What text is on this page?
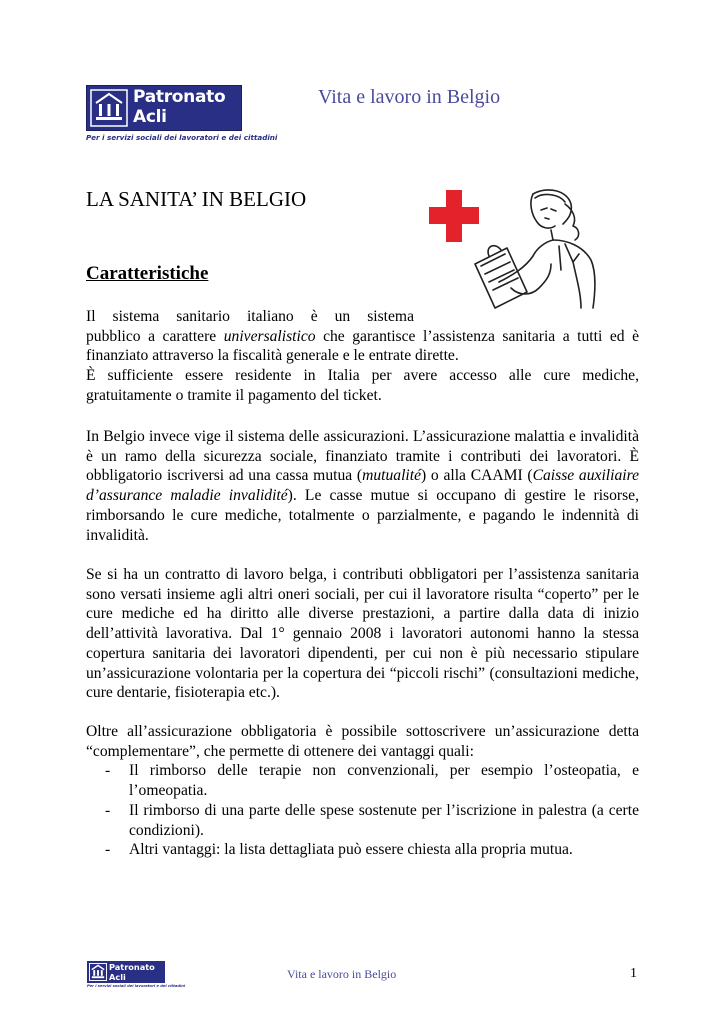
Patronato
Acli
Per i servizi sociali dei lavoratori e dei cittadini
Vita e lavoro in Belgio
LA SANITA’ IN BELGIO
Caratteristiche

Il sistema sanitario italiano è un sistema

pubblico a carattere universalistico che garantisce l’assistenza sanitaria a tutti ed è finanziato attraverso la fiscalità generale e le entrate dirette.

È sufficiente essere residente in Italia per avere accesso alle cure mediche, gratuitamente o tramite il pagamento del ticket.

In Belgio invece vige il sistema delle assicurazioni. L’assicurazione malattia e invalidità è un ramo della sicurezza sociale, finanziato tramite i contributi dei lavoratori. È obbligatorio iscriversi ad una cassa mutua (mutualité) o alla CAAMI (Caisse auxiliaire d’assurance maladie invalidité). Le casse mutue si occupano di gestire le risorse, rimborsando le cure mediche, totalmente o parzialmente, e pagando le indennità di invalidità.

Se si ha un contratto di lavoro belga, i contributi obbligatori per l’assistenza sanitaria sono versati insieme agli altri oneri sociali, per cui il lavoratore risulta “coperto” per le cure mediche ed ha diritto alle diverse prestazioni, a partire dalla data di inizio dell’attività lavorativa. Dal 1° gennaio 2008 i lavoratori autonomi hanno la stessa copertura sanitaria dei lavoratori dipendenti, per cui non è più necessario stipulare un’assicurazione volontaria per la copertura dei “piccoli rischi” (consultazioni mediche, cure dentarie, fisioterapia etc.).

Oltre all’assicurazione obbligatoria è possibile sottoscrivere un’assicurazione detta “complementare”, che permette di ottenere dei vantaggi quali:

- Il rimborso delle terapie non convenzionali, per esempio l’osteopatia, e l’omeopatia.
- Il rimborso di una parte delle spese sostenute per l’iscrizione in palestra (a certe condizioni).
- Altri vantaggi: la lista dettagliata può essere chiesta alla propria mutua.
Patronato
Acli
Per i servizi sociali dei lavoratori e dei cittadini
Vita e lavoro in Belgio	1
